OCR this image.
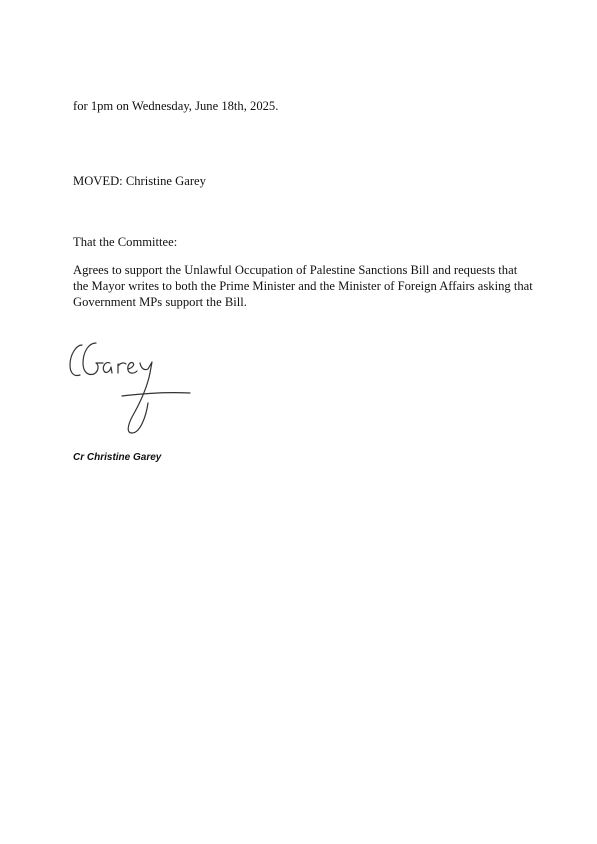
for 1pm on Wednesday, June 18th, 2025.
MOVED: Christine Garey
That the Committee:
Agrees to support the Unlawful Occupation of Palestine Sanctions Bill and requests that
the Mayor writes to both the Prime Minister and the Minister of Foreign Affairs asking that
Government MPs support the Bill.
Cr Christine Garey
